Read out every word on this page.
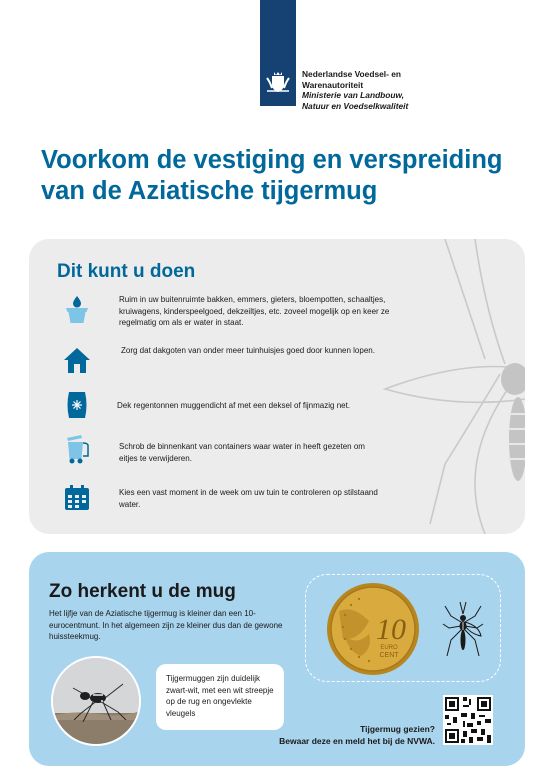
Nederlandse Voedsel- en
Warenautoriteit
Ministerie van Landbouw,
Natuur en Voedselkwaliteit
Voorkom de vestiging en verspreiding
van de Aziatische tijgermug
Dit kunt u doen
Ruim in uw buitenruimte bakken, emmers, gieters, bloempotten, schaaltjes, kruiwagens, kinderspeelgoed, dekzeiltjes, etc. zoveel mogelijk op en keer ze regelmatig om als er water in staat.
Zorg dat dakgoten van onder meer tuinhuisjes goed door kunnen lopen.
Dek regentonnen muggendicht af met een deksel of fijnmazig net.
Schrob de binnenkant van containers waar water in heeft gezeten om eitjes te verwijderen.
Kies een vast moment in de week om uw tuin te controleren op stilstaand water.
Zo herkent u de mug
Het lijfje van de Aziatische tijgermug is kleiner dan een 10-eurocentmunt. In het algemeen zijn ze kleiner dus dan de gewone huissteekmug.	10
EURO
CENT
Tijgermuggen zijn duidelijk zwart-wit, met een wit streepje op de rug en ongevlekte vleugels
Tijgermug gezien?
Bewaar deze en meld het bij de NVWA.
